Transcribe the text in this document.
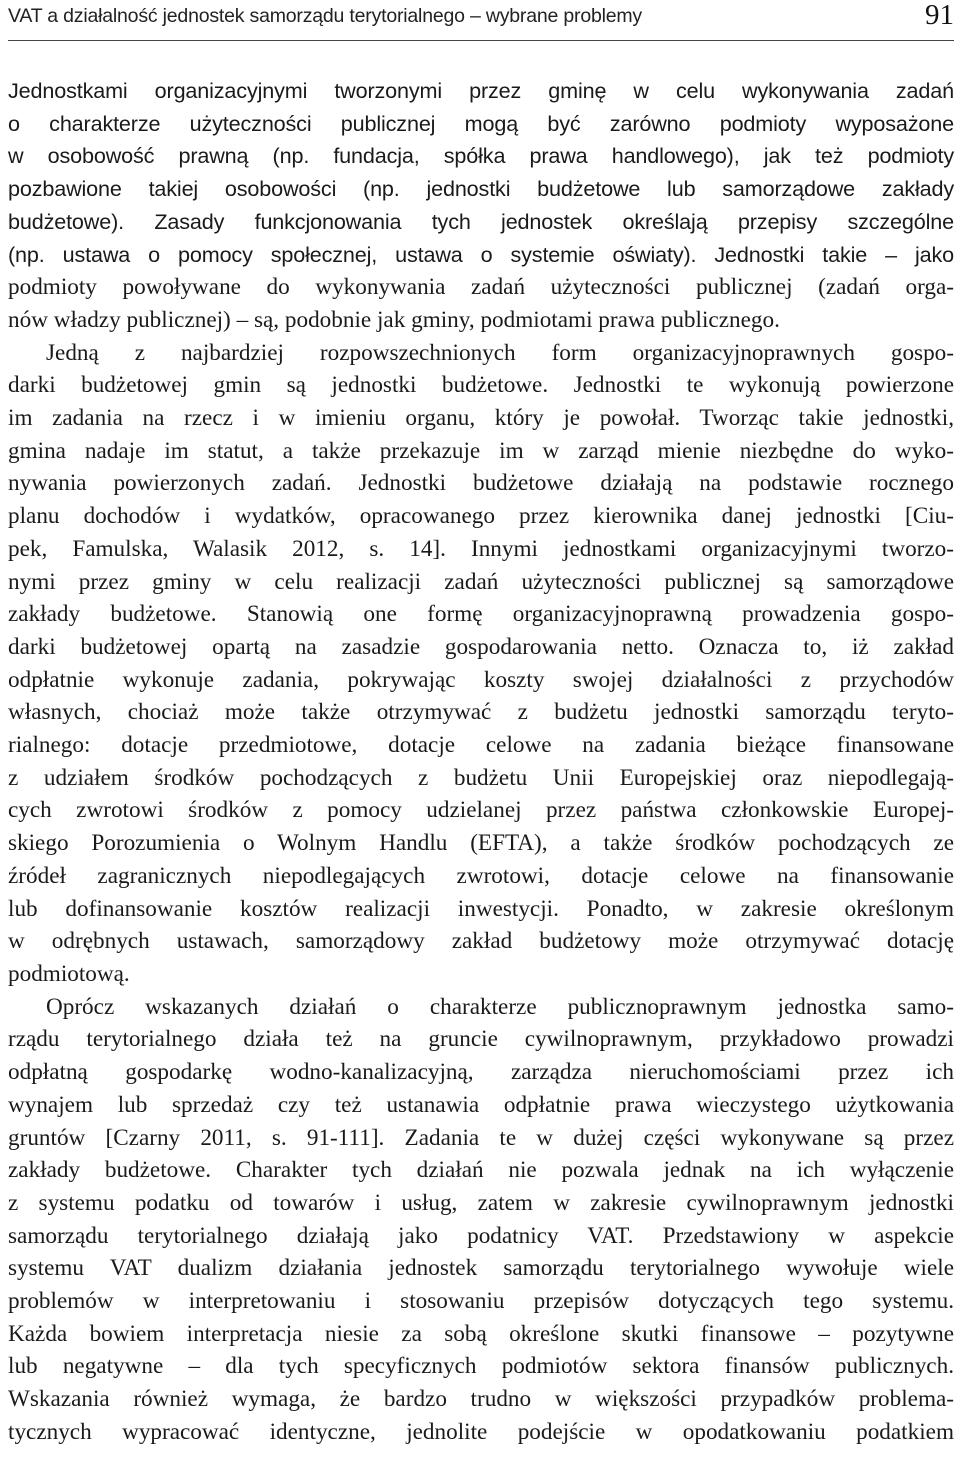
VAT a działalność jednostek samorządu terytorialnego – wybrane problemy	91
Jednostkami organizacyjnymi tworzonymi przez gminę w celu wykonywania zadań
o charakterze użyteczności publicznej mogą być zarówno podmioty wyposażone
w osobowość prawną (np. fundacja, spółka prawa handlowego), jak też podmioty
pozbawione takiej osobowości (np. jednostki budżetowe lub samorządowe zakłady
budżetowe). Zasady funkcjonowania tych jednostek określają przepisy szczególne
(np. ustawa o pomocy społecznej, ustawa o systemie oświaty). Jednostki takie – jako
podmioty powoływane do wykonywania zadań użyteczności publicznej (zadań orga-
nów władzy publicznej) – są, podobnie jak gminy, podmiotami prawa publicznego.
Jedną z najbardziej rozpowszechnionych form organizacyjnoprawnych gospo-
darki budżetowej gmin są jednostki budżetowe. Jednostki te wykonują powierzone
im zadania na rzecz i w imieniu organu, który je powołał. Tworząc takie jednostki,
gmina nadaje im statut, a także przekazuje im w zarząd mienie niezbędne do wyko-
nywania powierzonych zadań. Jednostki budżetowe działają na podstawie rocznego
planu dochodów i wydatków, opracowanego przez kierownika danej jednostki [Ciu-
pek, Famulska, Walasik 2012, s. 14]. Innymi jednostkami organizacyjnymi tworzo-
nymi przez gminy w celu realizacji zadań użyteczności publicznej są samorządowe
zakłady budżetowe. Stanowią one formę organizacyjnoprawną prowadzenia gospo-
darki budżetowej opartą na zasadzie gospodarowania netto. Oznacza to, iż zakład
odpłatnie wykonuje zadania, pokrywając koszty swojej działalności z przychodów
własnych, chociaż może także otrzymywać z budżetu jednostki samorządu teryto-
rialnego: dotacje przedmiotowe, dotacje celowe na zadania bieżące finansowane
z udziałem środków pochodzących z budżetu Unii Europejskiej oraz niepodlegają-
cych zwrotowi środków z pomocy udzielanej przez państwa członkowskie Europej-
skiego Porozumienia o Wolnym Handlu (EFTA), a także środków pochodzących ze
źródeł zagranicznych niepodlegających zwrotowi, dotacje celowe na finansowanie
lub dofinansowanie kosztów realizacji inwestycji. Ponadto, w zakresie określonym
w odrębnych ustawach, samorządowy zakład budżetowy może otrzymywać dotację
podmiotową.
Oprócz wskazanych działań o charakterze publicznoprawnym jednostka samo-
rządu terytorialnego działa też na gruncie cywilnoprawnym, przykładowo prowadzi
odpłatną gospodarkę wodno-kanalizacyjną, zarządza nieruchomościami przez ich
wynajem lub sprzedaż czy też ustanawia odpłatnie prawa wieczystego użytkowania
gruntów [Czarny 2011, s. 91-111]. Zadania te w dużej części wykonywane są przez
zakłady budżetowe. Charakter tych działań nie pozwala jednak na ich wyłączenie
z systemu podatku od towarów i usług, zatem w zakresie cywilnoprawnym jednostki
samorządu terytorialnego działają jako podatnicy VAT. Przedstawiony w aspekcie
systemu VAT dualizm działania jednostek samorządu terytorialnego wywołuje wiele
problemów w interpretowaniu i stosowaniu przepisów dotyczących tego systemu.
Każda bowiem interpretacja niesie za sobą określone skutki finansowe – pozytywne
lub negatywne – dla tych specyficznych podmiotów sektora finansów publicznych.
Wskazania również wymaga, że bardzo trudno w większości przypadków problema-
tycznych wypracować identyczne, jednolite podejście w opodatkowaniu podatkiem
